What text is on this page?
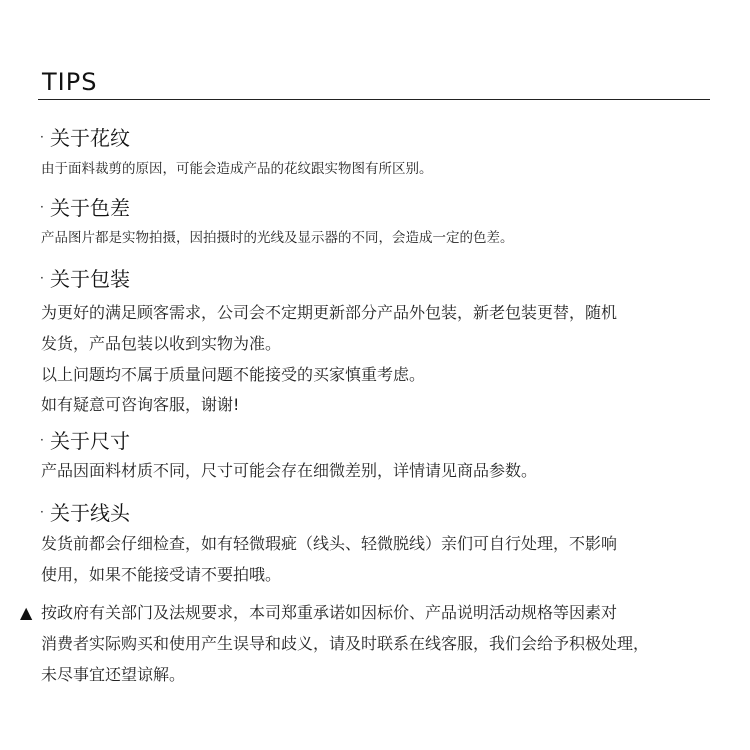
TIPS
· 关于花纹
由于面料裁剪的原因，可能会造成产品的花纹跟实物图有所区别。
· 关于色差
产品图片都是实物拍摄，因拍摄时的光线及显示器的不同，会造成一定的色差。
· 关于包装
为更好的满足顾客需求，公司会不定期更新部分产品外包装，新老包装更替，随机
发货，产品包装以收到实物为准。
以上问题均不属于质量问题不能接受的买家慎重考虑。
如有疑意可咨询客服，谢谢!
· 关于尺寸
产品因面料材质不同，尺寸可能会存在细微差别，详情请见商品参数。
· 关于线头
发货前都会仔细检查，如有轻微瑕疵（线头、轻微脱线）亲们可自行处理，不影响
使用，如果不能接受请不要拍哦。
▲ 按政府有关部门及法规要求，本司郑重承诺如因标价、产品说明活动规格等因素对
消费者实际购买和使用产生误导和歧义，请及时联系在线客服，我们会给予积极处理，
未尽事宜还望谅解。
